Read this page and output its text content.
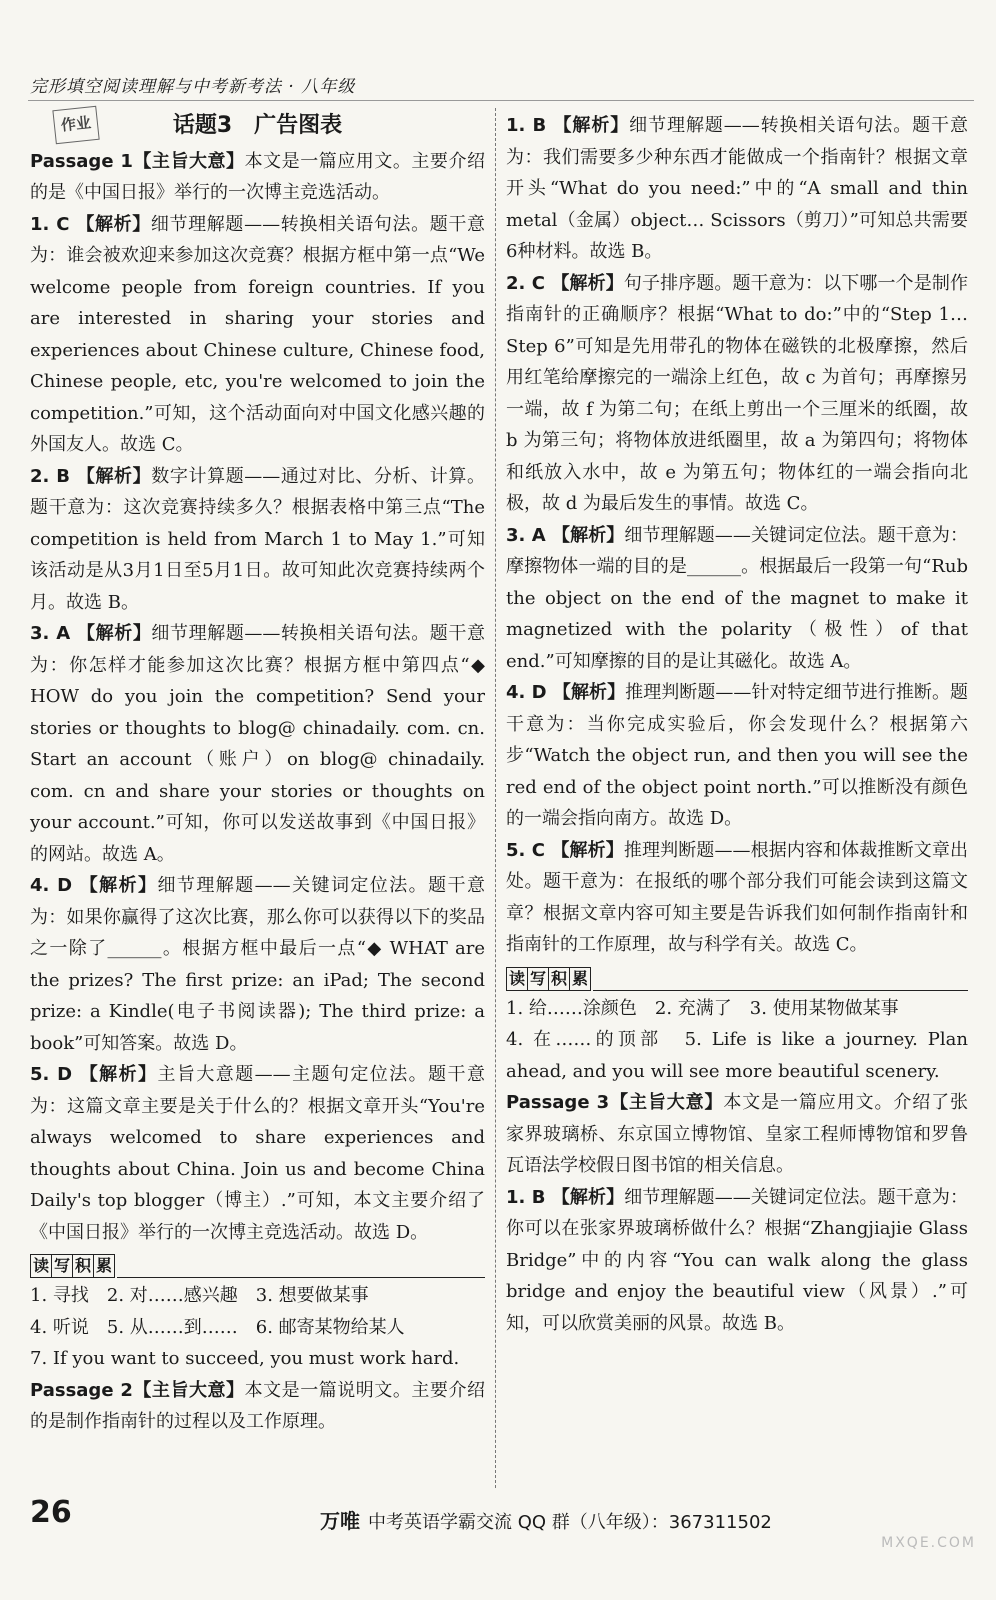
完形填空阅读理解与中考新考法 · 八年级
作业	话题3　广告图表

Passage 1【主旨大意】本文是一篇应用文。主要介绍的是《中国日报》举行的一次博主竞选活动。

1. C 【解析】细节理解题——转换相关语句法。题干意为：谁会被欢迎来参加这次竞赛？根据方框中第一点“We welcome people from foreign countries. If you are interested in sharing your stories and experiences about Chinese culture, Chinese food, Chinese people, etc, you're welcomed to join the competition.”可知，这个活动面向对中国文化感兴趣的外国友人。故选 C。

2. B 【解析】数字计算题——通过对比、分析、计算。题干意为：这次竞赛持续多久？根据表格中第三点“The competition is held from March 1 to May 1.”可知该活动是从3月1日至5月1日。故可知此次竞赛持续两个月。故选 B。

3. A 【解析】细节理解题——转换相关语句法。题干意为：你怎样才能参加这次比赛？根据方框中第四点“◆ HOW do you join the competition? Send your stories or thoughts to blog@ chinadaily. com. cn. Start an account（账户）on blog@ chinadaily. com. cn and share your stories or thoughts on your account.”可知，你可以发送故事到《中国日报》的网站。故选 A。

4. D 【解析】细节理解题——关键词定位法。题干意为：如果你赢得了这次比赛，那么你可以获得以下的奖品之一除了______。根据方框中最后一点“◆ WHAT are the prizes? The first prize: an iPad; The second prize: a Kindle(电子书阅读器); The third prize: a book”可知答案。故选 D。

5. D 【解析】主旨大意题——主题句定位法。题干意为：这篇文章主要是关于什么的？根据文章开头“You're always welcomed to share experiences and thoughts about China. Join us and become China Daily's top blogger（博主）.”可知，本文主要介绍了《中国日报》举行的一次博主竞选活动。故选 D。

读 写 积 累

1. 寻找　2. 对……感兴趣　3. 想要做某事

4. 听说　5. 从……到……　6. 邮寄某物给某人

7. If you want to succeed, you must work hard.

Passage 2【主旨大意】本文是一篇说明文。主要介绍的是制作指南针的过程以及工作原理。

1. B 【解析】细节理解题——转换相关语句法。题干意为：我们需要多少种东西才能做成一个指南针？根据文章开头“What do you need:”中的“A small and thin metal（金属）object… Scissors（剪刀）”可知总共需要6种材料。故选 B。

2. C 【解析】句子排序题。题干意为：以下哪一个是制作指南针的正确顺序？根据“What to do:”中的“Step 1… Step 6”可知是先用带孔的物体在磁铁的北极摩擦，然后用红笔给摩擦完的一端涂上红色，故 c 为首句；再摩擦另一端，故 f 为第二句；在纸上剪出一个三厘米的纸圈，故 b 为第三句；将物体放进纸圈里，故 a 为第四句；将物体和纸放入水中，故 e 为第五句；物体红的一端会指向北极，故 d 为最后发生的事情。故选 C。

3. A 【解析】细节理解题——关键词定位法。题干意为：摩擦物体一端的目的是______。根据最后一段第一句“Rub the object on the end of the magnet to make it magnetized with the polarity（极性）of that end.”可知摩擦的目的是让其磁化。故选 A。

4. D 【解析】推理判断题——针对特定细节进行推断。题干意为：当你完成实验后，你会发现什么？根据第六步“Watch the object run, and then you will see the red end of the object point north.”可以推断没有颜色的一端会指向南方。故选 D。

5. C 【解析】推理判断题——根据内容和体裁推断文章出处。题干意为：在报纸的哪个部分我们可能会读到这篇文章？根据文章内容可知主要是告诉我们如何制作指南针和指南针的工作原理，故与科学有关。故选 C。

读 写 积 累

1. 给……涂颜色　2. 充满了　3. 使用某物做某事

4. 在……的顶部　5. Life is like a journey. Plan ahead, and you will see more beautiful scenery.

Passage 3【主旨大意】本文是一篇应用文。介绍了张家界玻璃桥、东京国立博物馆、皇家工程师博物馆和罗鲁瓦语法学校假日图书馆的相关信息。

1. B 【解析】细节理解题——关键词定位法。题干意为：你可以在张家界玻璃桥做什么？根据“Zhangjiajie Glass Bridge”中的内容“You can walk along the glass bridge and enjoy the beautiful view（风景）.”可知，可以欣赏美丽的风景。故选 B。

26	万唯 中考英语学霸交流 QQ 群（八年级）：367311502
MXQE.COM
